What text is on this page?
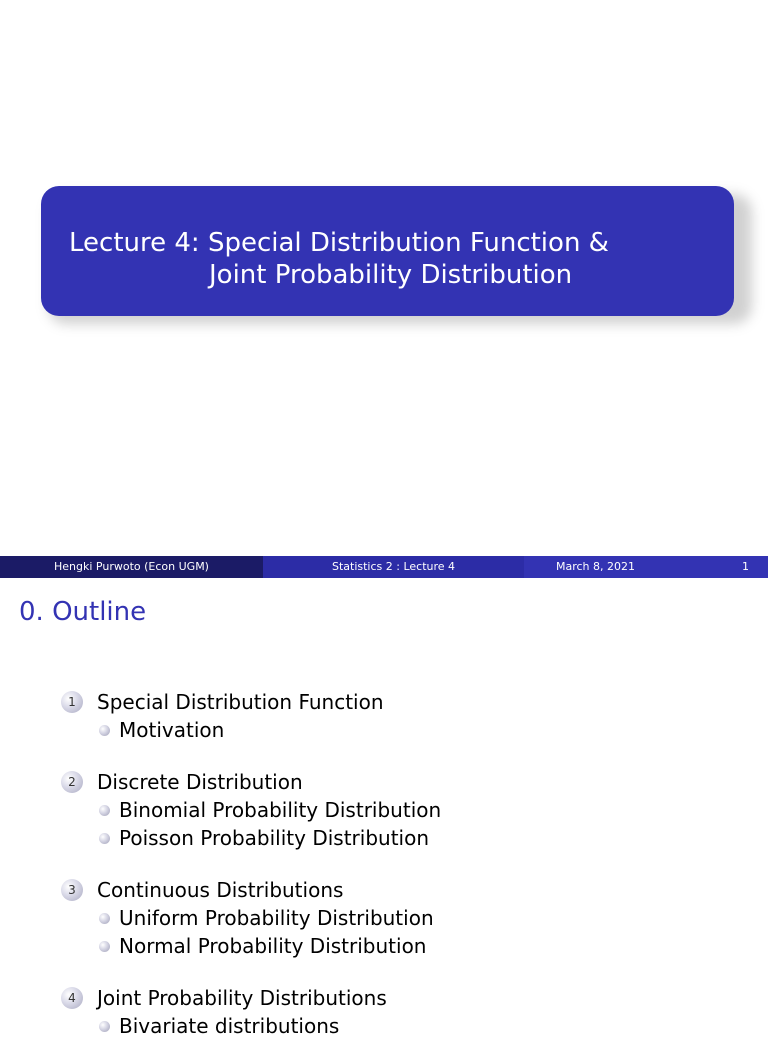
Lecture 4: Special Distribution Function &
Joint Probability Distribution
Hengki Purwoto (Econ UGM)	Statistics 2 : Lecture 4	March 8, 2021	1
0. Outline
1	Special Distribution Function
Motivation
2	Discrete Distribution
Binomial Probability Distribution
Poisson Probability Distribution
3	Continuous Distributions
Uniform Probability Distribution
Normal Probability Distribution
4	Joint Probability Distributions
Bivariate distributions
